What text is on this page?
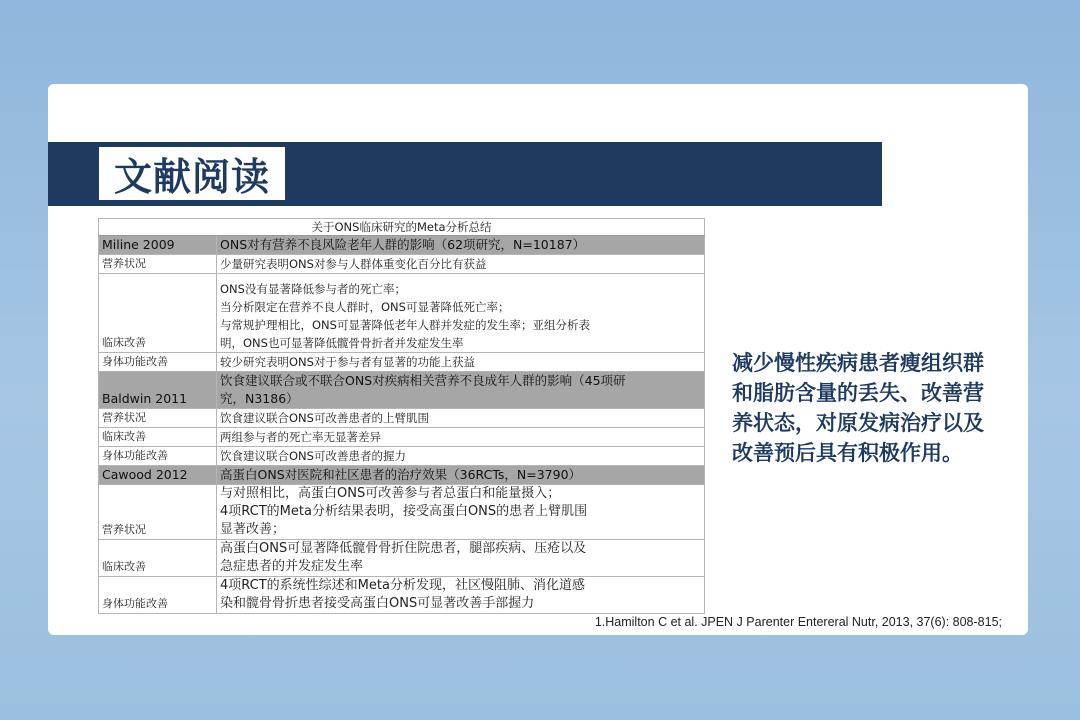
文献阅读
关于ONS临床研究的Meta分析总结	
Miline 2009	ONS对有营养不良风险老年人群的影响（62项研究，N=10187）
营养状况	少量研究表明ONS对参与人群体重变化百分比有获益
临床改善	ONS没有显著降低参与者的死亡率；
当分析限定在营养不良人群时，ONS可显著降低死亡率；
与常规护理相比，ONS可显著降低老年人群并发症的发生率；亚组分析表
明，ONS也可显著降低髋骨骨折者并发症发生率

身体功能改善	较少研究表明ONS对于参与者有显著的功能上获益
Baldwin 2011	饮食建议联合或不联合ONS对疾病相关营养不良成年人群的影响（45项研
究，N3186）

营养状况	饮食建议联合ONS可改善患者的上臂肌围
临床改善	两组参与者的死亡率无显著差异
身体功能改善	饮食建议联合ONS可改善患者的握力
Cawood 2012	高蛋白ONS对医院和社区患者的治疗效果（36RCTs，N=3790）
营养状况	与对照相比，高蛋白ONS可改善参与者总蛋白和能量摄入；
4项RCT的Meta分析结果表明，接受高蛋白ONS的患者上臂肌围
显著改善；

临床改善	高蛋白ONS可显著降低髋骨骨折住院患者，腿部疾病、压疮以及
急症患者的并发症发生率

身体功能改善	4项RCT的系统性综述和Meta分析发现，社区慢阻肺、消化道感
染和髋骨骨折患者接受高蛋白ONS可显著改善手部握力
减少慢性疾病患者瘦组织群和脂肪含量的丢失、改善营养状态，对原发病治疗以及改善预后具有积极作用。
1.Hamilton C et al. JPEN J Parenter Entereral Nutr, 2013, 37(6): 808-815;
